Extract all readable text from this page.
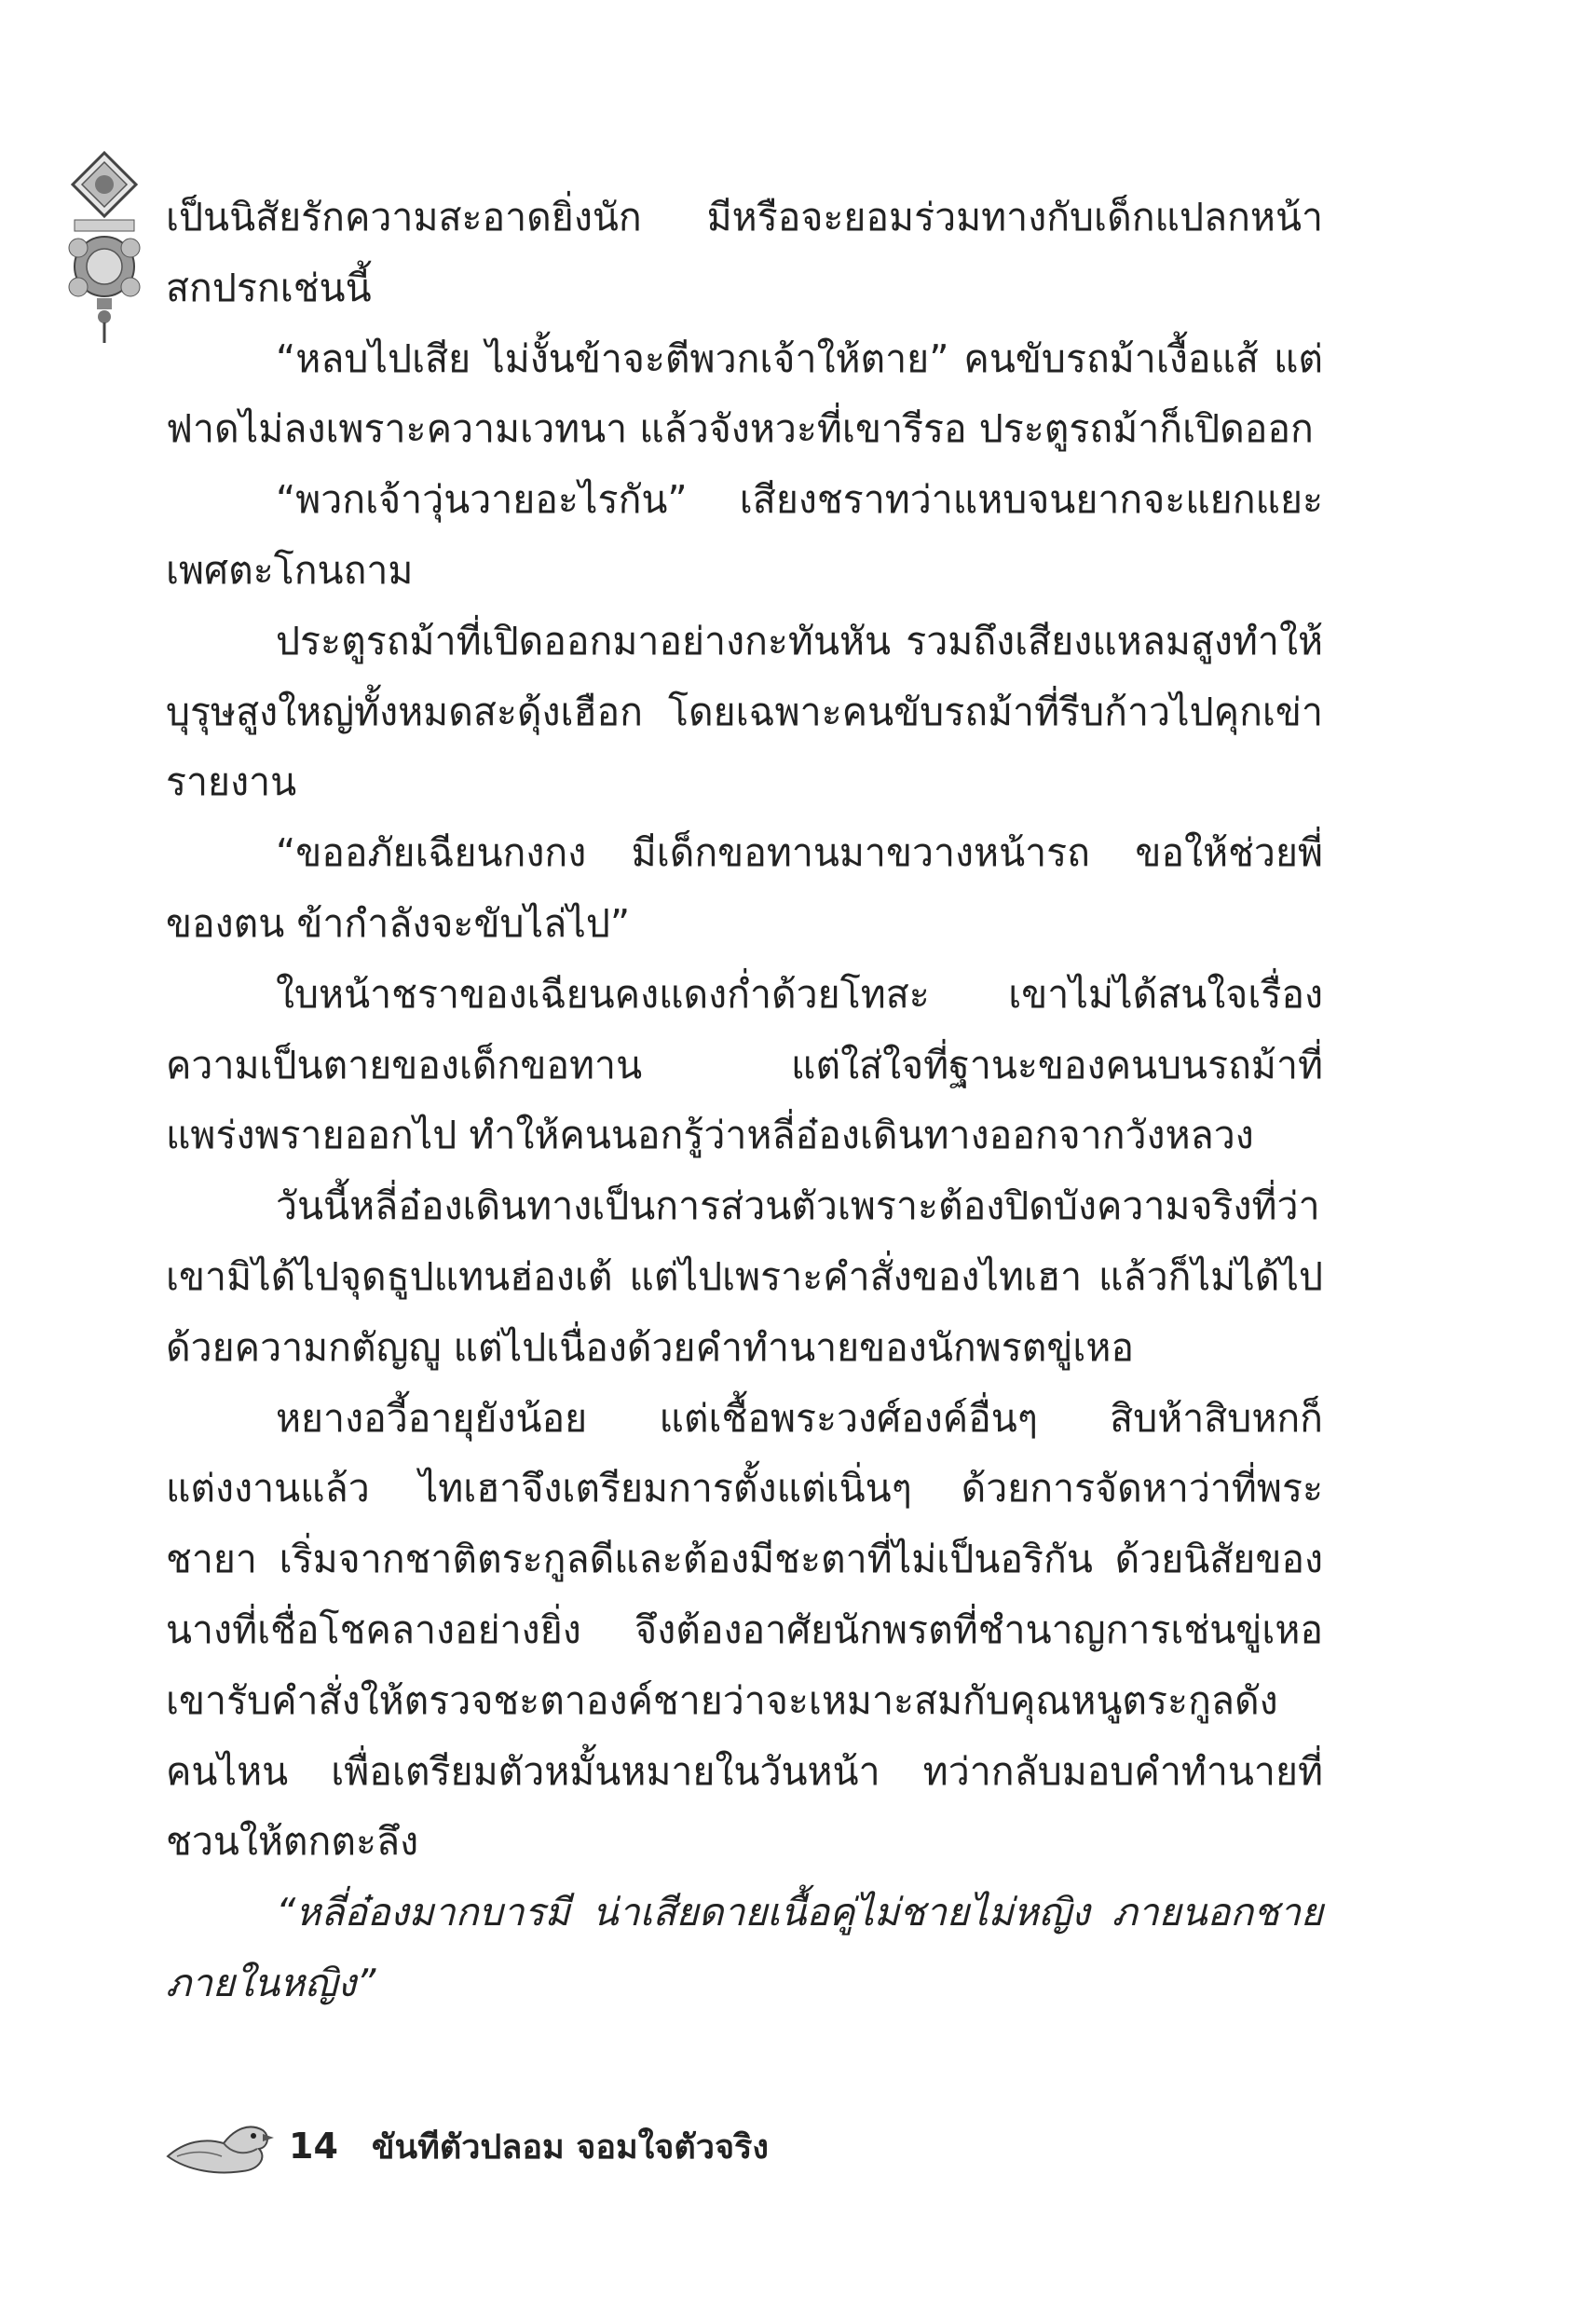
เป็นนิสัยรักความสะอาดยิ่งนัก มีหรือจะยอมร่วมทางกับเด็กแปลกหน้าสกปรกเช่นนี้

“หลบไปเสีย ไม่งั้นข้าจะตีพวกเจ้าให้ตาย” คนขับรถม้าเงื้อแส้ แต่ฟาดไม่ลงเพราะความเวทนา แล้วจังหวะที่เขารีรอ ประตูรถม้าก็เปิดออก

“พวกเจ้าวุ่นวายอะไรกัน” เสียงชราทว่าแหบจนยากจะแยกแยะเพศตะโกนถาม

ประตูรถม้าที่เปิดออกมาอย่างกะทันหัน รวมถึงเสียงแหลมสูงทำให้บุรุษสูงใหญ่ทั้งหมดสะดุ้งเฮือก โดยเฉพาะคนขับรถม้าที่รีบก้าวไปคุกเข่ารายงาน

“ขออภัยเฉียนกงกง มีเด็กขอทานมาขวางหน้ารถ ขอให้ช่วยพี่ของตน ข้ากำลังจะขับไล่ไป”

ใบหน้าชราของเฉียนคงแดงก่ำด้วยโทสะ เขาไม่ได้สนใจเรื่องความเป็นตายของเด็กขอทาน แต่ใส่ใจที่ฐานะของคนบนรถม้าที่แพร่งพรายออกไป ทำให้คนนอกรู้ว่าหลี่อ๋องเดินทางออกจากวังหลวง

วันนี้หลี่อ๋องเดินทางเป็นการส่วนตัวเพราะต้องปิดบังความจริงที่ว่าเขามิได้ไปจุดธูปแทนฮ่องเต้ แต่ไปเพราะคำสั่งของไทเฮา แล้วก็ไม่ได้ไปด้วยความกตัญญู แต่ไปเนื่องด้วยคำทำนายของนักพรตขู่เหอ

หยางอวี้อายุยังน้อย แต่เชื้อพระวงศ์องค์อื่นๆ สิบห้าสิบหกก็แต่งงานแล้ว ไทเฮาจึงเตรียมการตั้งแต่เนิ่นๆ ด้วยการจัดหาว่าที่พระชายา เริ่มจากชาติตระกูลดีและต้องมีชะตาที่ไม่เป็นอริกัน ด้วยนิสัยของนางที่เชื่อโชคลางอย่างยิ่ง จึงต้องอาศัยนักพรตที่ชำนาญการเช่นขู่เหอ เขารับคำสั่งให้ตรวจชะตาองค์ชายว่าจะเหมาะสมกับคุณหนูตระกูลดังคนไหน เพื่อเตรียมตัวหมั้นหมายในวันหน้า ทว่ากลับมอบคำทำนายที่ชวนให้ตกตะลึง

“หลี่อ๋องมากบารมี น่าเสียดายเนื้อคู่ไม่ชายไม่หญิง ภายนอกชายภายในหญิง”

14 ขันทีตัวปลอม จอมใจตัวจริง
